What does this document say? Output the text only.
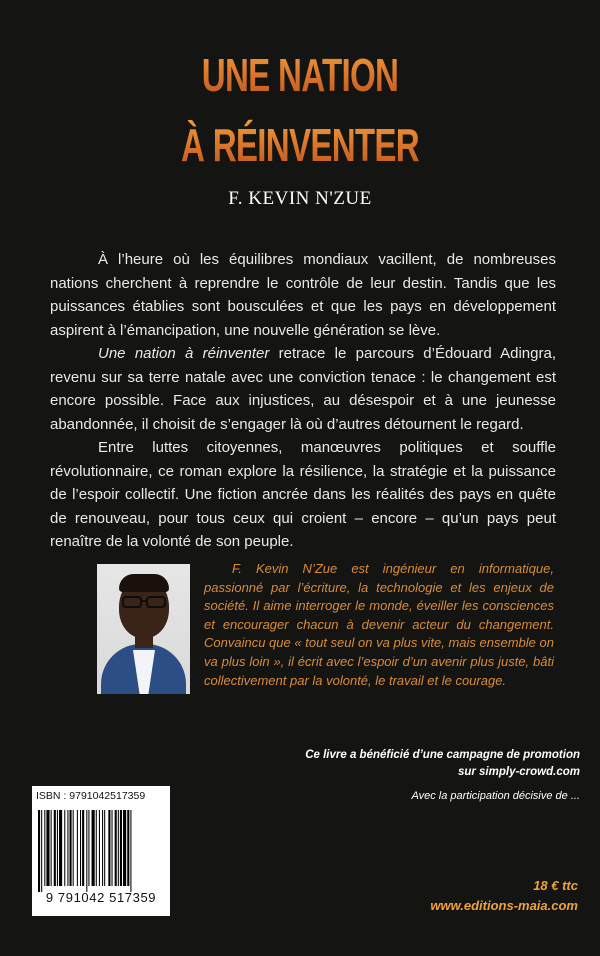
UNE NATION
À RÉINVENTER
F. KEVIN N'ZUE

À l’heure où les équilibres mondiaux vacillent, de nombreuses nations cherchent à reprendre le contrôle de leur destin. Tandis que les puissances établies sont bousculées et que les pays en développement aspirent à l’émancipation, une nouvelle génération se lève.

Une nation à réinventer retrace le parcours d’Édouard Adingra, revenu sur sa terre natale avec une conviction tenace : le changement est encore possible. Face aux injustices, au désespoir et à une jeunesse abandonnée, il choisit de s’engager là où d’autres détournent le regard.

Entre luttes citoyennes, manœuvres politiques et souffle révolutionnaire, ce roman explore la résilience, la stratégie et la puissance de l’espoir collectif. Une fiction ancrée dans les réalités des pays en quête de renouveau, pour tous ceux qui croient – encore – qu’un pays peut renaître de la volonté de son peuple.

F. Kevin N’Zue est ingénieur en informatique, passionné par l’écriture, la technologie et les enjeux de société. Il aime interroger le monde, éveiller les consciences et encourager chacun à devenir acteur du changement. Convaincu que « tout seul on va plus vite, mais ensemble on va plus loin », il écrit avec l’espoir d’un avenir plus juste, bâti collectivement par la volonté, le travail et le courage.

Ce livre a bénéficié d’une campagne de promotion
sur simply-crowd.com
Avec la participation décisive de ...
ISBN : 9791042517359
9 791042 517359
18 € ttc
www.editions-maia.com
